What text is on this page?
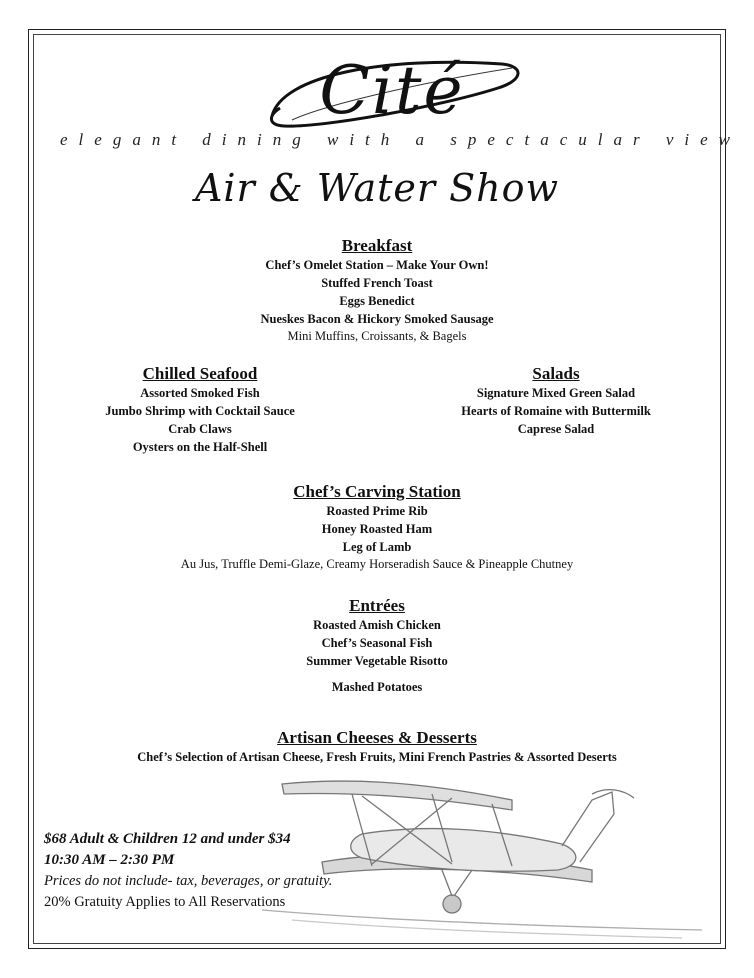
Cité
elegant dining with a spectacular view
Air & Water Show
Breakfast
Chef’s Omelet Station – Make Your Own!
Stuffed French Toast
Eggs Benedict
Nueskes Bacon & Hickory Smoked Sausage
Mini Muffins, Croissants, & Bagels
Chilled Seafood
Assorted Smoked Fish
Jumbo Shrimp with Cocktail Sauce
Crab Claws
Oysters on the Half-Shell
Salads
Signature Mixed Green Salad
Hearts of Romaine with Buttermilk
Caprese Salad
Chef’s Carving Station
Roasted Prime Rib
Honey Roasted Ham
Leg of Lamb
Au Jus, Truffle Demi-Glaze, Creamy Horseradish Sauce & Pineapple Chutney
Entrées
Roasted Amish Chicken
Chef’s Seasonal Fish
Summer Vegetable Risotto
Mashed Potatoes
Artisan Cheeses & Desserts
Chef’s Selection of Artisan Cheese, Fresh Fruits, Mini French Pastries & Assorted Deserts
$68 Adult & Children 12 and under $34
10:30 AM – 2:30 PM
Prices do not include- tax, beverages, or gratuity.
20% Gratuity Applies to All Reservations
